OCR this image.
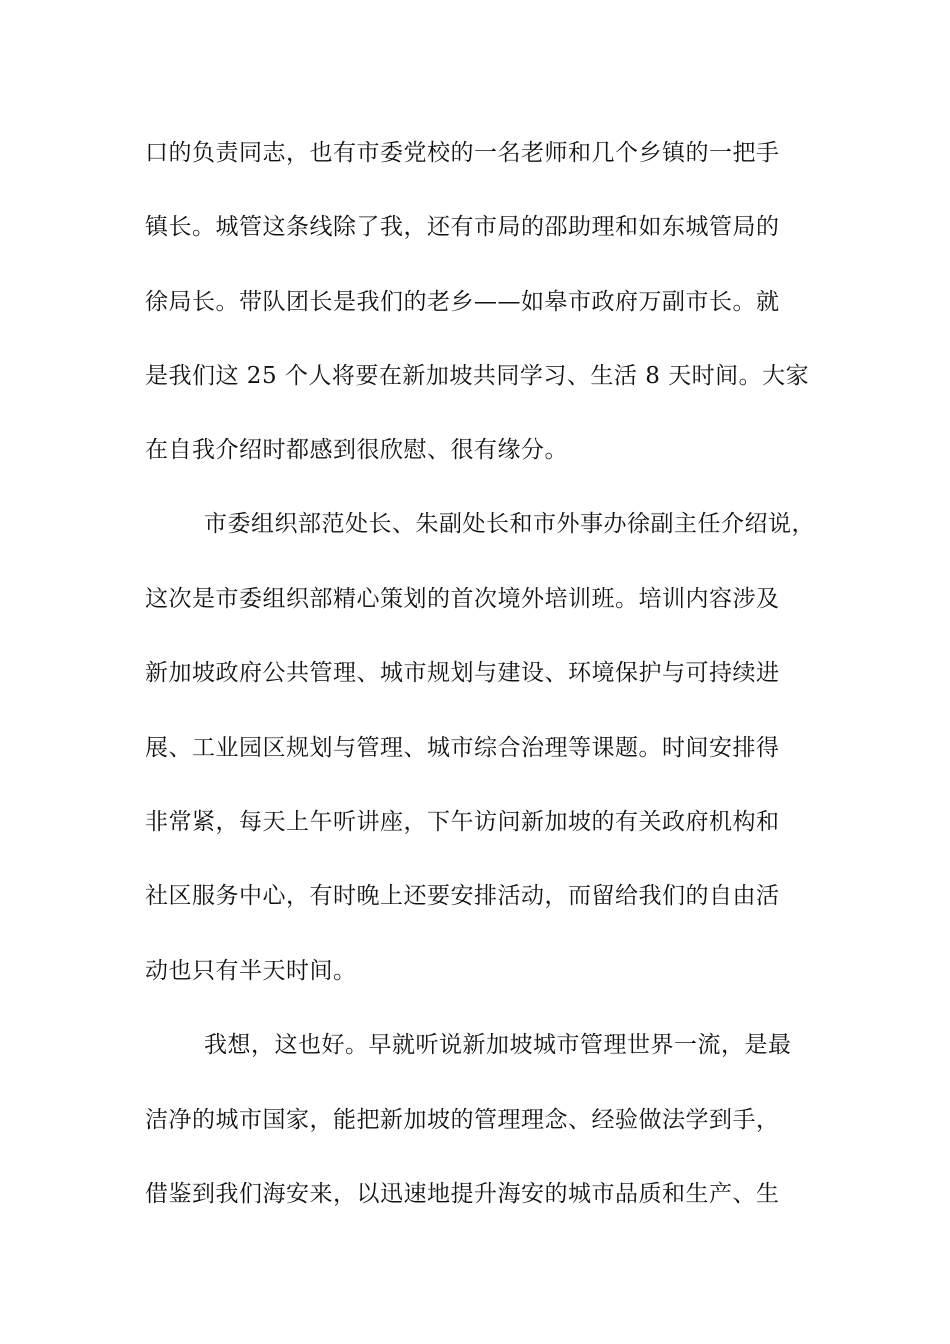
口的负责同志，也有市委党校的一名老师和几个乡镇的一把手
镇长。城管这条线除了我，还有市局的邵助理和如东城管局的
徐局长。带队团长是我们的老乡——如皋市政府万副市长。就
是我们这 25 个人将要在新加坡共同学习、生活 8 天时间。大家
在自我介绍时都感到很欣慰、很有缘分。
市委组织部范处长、朱副处长和市外事办徐副主任介绍说，
这次是市委组织部精心策划的首次境外培训班。培训内容涉及
新加坡政府公共管理、城市规划与建设、环境保护与可持续进
展、工业园区规划与管理、城市综合治理等课题。时间安排得
非常紧，每天上午听讲座，下午访问新加坡的有关政府机构和
社区服务中心，有时晚上还要安排活动，而留给我们的自由活
动也只有半天时间。
我想，这也好。早就听说新加坡城市管理世界一流，是最
洁净的城市国家，能把新加坡的管理理念、经验做法学到手，
借鉴到我们海安来，以迅速地提升海安的城市品质和生产、生
